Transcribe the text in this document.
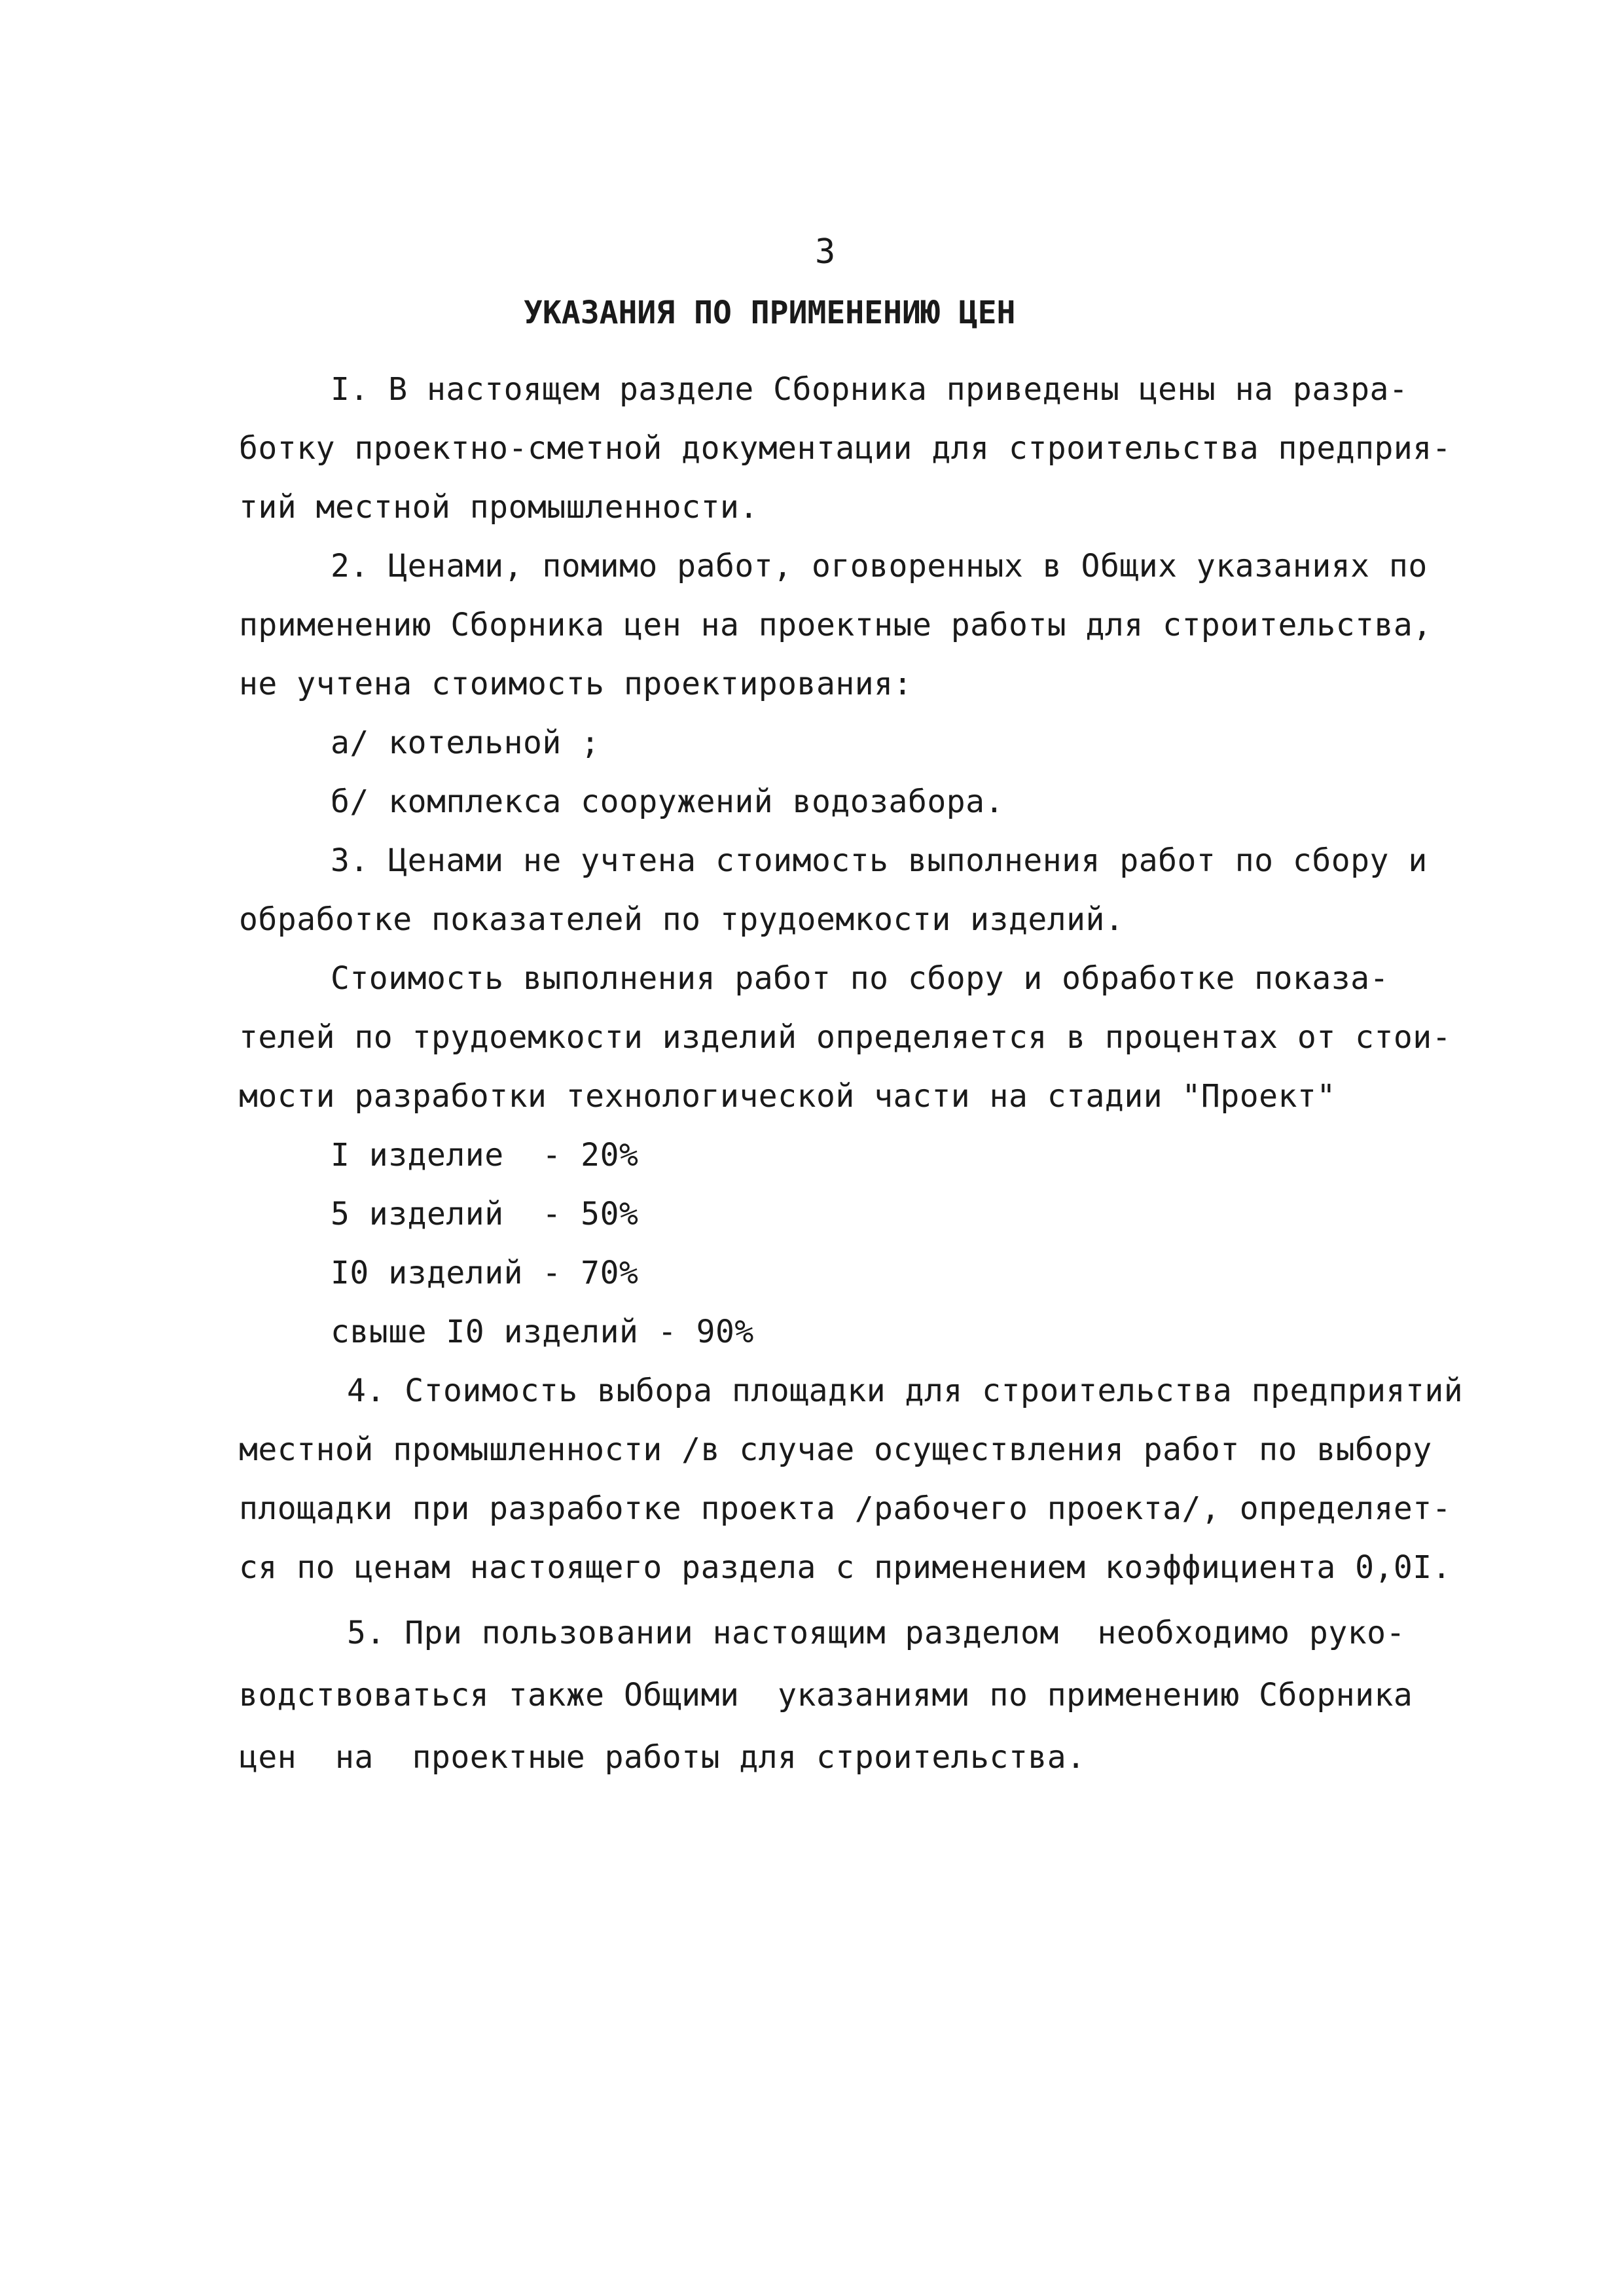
3
УКАЗАНИЯ ПО ПРИМЕНЕНИЮ ЦЕН
I. В настоящем разделе Сборника приведены цены на разра-
ботку проектно-сметной документации для строительства предприя-
тий местной промышленности.
2. Ценами, помимо работ, оговоренных в Общих указаниях по
применению Сборника цен на проектные работы для строительства,
не учтена стоимость проектирования:
а/ котельной ;
б/ комплекса сооружений водозабора.
3. Ценами не учтена стоимость выполнения работ по сбору и
обработке показателей по трудоемкости изделий.
Стоимость выполнения работ по сбору и обработке показа-
телей по трудоемкости изделий определяется в процентах от стои-
мости разработки технологической части на стадии "Проект"
I изделие  - 20%
5 изделий  - 50%
I0 изделий - 70%
свыше I0 изделий - 90%
4. Стоимость выбора площадки для строительства предприятий
местной промышленности /в случае осуществления работ по выбору
площадки при разработке проекта /рабочего проекта/, определяет-
ся по ценам настоящего раздела с применением коэффициента 0,0I.
5. При пользовании настоящим разделом  необходимо руко-
водствоваться также Общими  указаниями по применению Сборника
цен  на  проектные работы для строительства.
